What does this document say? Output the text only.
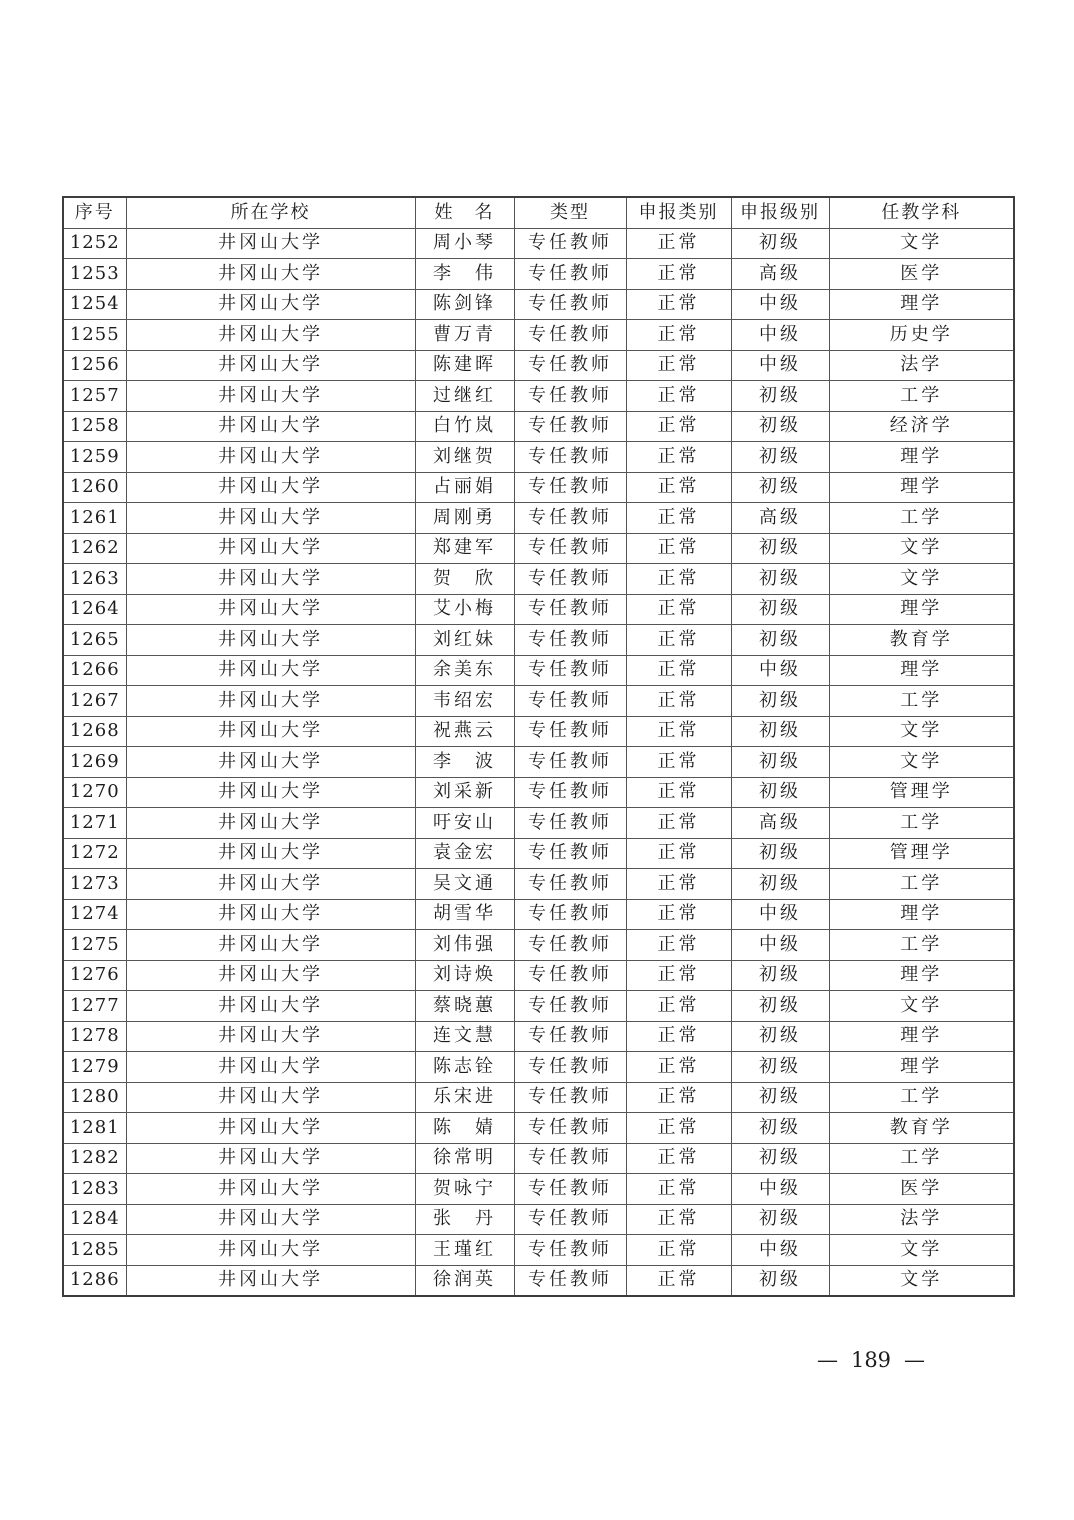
序号	所在学校	姓　名	类型	申报类别	申报级别	任教学科
1252	井冈山大学	周小琴	专任教师	正常	初级	文学
1253	井冈山大学	李　伟	专任教师	正常	高级	医学
1254	井冈山大学	陈剑锋	专任教师	正常	中级	理学
1255	井冈山大学	曹万青	专任教师	正常	中级	历史学
1256	井冈山大学	陈建晖	专任教师	正常	中级	法学
1257	井冈山大学	过继红	专任教师	正常	初级	工学
1258	井冈山大学	白竹岚	专任教师	正常	初级	经济学
1259	井冈山大学	刘继贺	专任教师	正常	初级	理学
1260	井冈山大学	占丽娟	专任教师	正常	初级	理学
1261	井冈山大学	周刚勇	专任教师	正常	高级	工学
1262	井冈山大学	郑建军	专任教师	正常	初级	文学
1263	井冈山大学	贺　欣	专任教师	正常	初级	文学
1264	井冈山大学	艾小梅	专任教师	正常	初级	理学
1265	井冈山大学	刘红妹	专任教师	正常	初级	教育学
1266	井冈山大学	余美东	专任教师	正常	中级	理学
1267	井冈山大学	韦绍宏	专任教师	正常	初级	工学
1268	井冈山大学	祝燕云	专任教师	正常	初级	文学
1269	井冈山大学	李　波	专任教师	正常	初级	文学
1270	井冈山大学	刘采新	专任教师	正常	初级	管理学
1271	井冈山大学	吁安山	专任教师	正常	高级	工学
1272	井冈山大学	袁金宏	专任教师	正常	初级	管理学
1273	井冈山大学	吴文通	专任教师	正常	初级	工学
1274	井冈山大学	胡雪华	专任教师	正常	中级	理学
1275	井冈山大学	刘伟强	专任教师	正常	中级	工学
1276	井冈山大学	刘诗焕	专任教师	正常	初级	理学
1277	井冈山大学	蔡晓蕙	专任教师	正常	初级	文学
1278	井冈山大学	连文慧	专任教师	正常	初级	理学
1279	井冈山大学	陈志铨	专任教师	正常	初级	理学
1280	井冈山大学	乐宋进	专任教师	正常	初级	工学
1281	井冈山大学	陈　婧	专任教师	正常	初级	教育学
1282	井冈山大学	徐常明	专任教师	正常	初级	工学
1283	井冈山大学	贺咏宁	专任教师	正常	中级	医学
1284	井冈山大学	张　丹	专任教师	正常	初级	法学
1285	井冈山大学	王瑾红	专任教师	正常	中级	文学
1286	井冈山大学	徐润英	专任教师	正常	初级	文学
— 189 —
